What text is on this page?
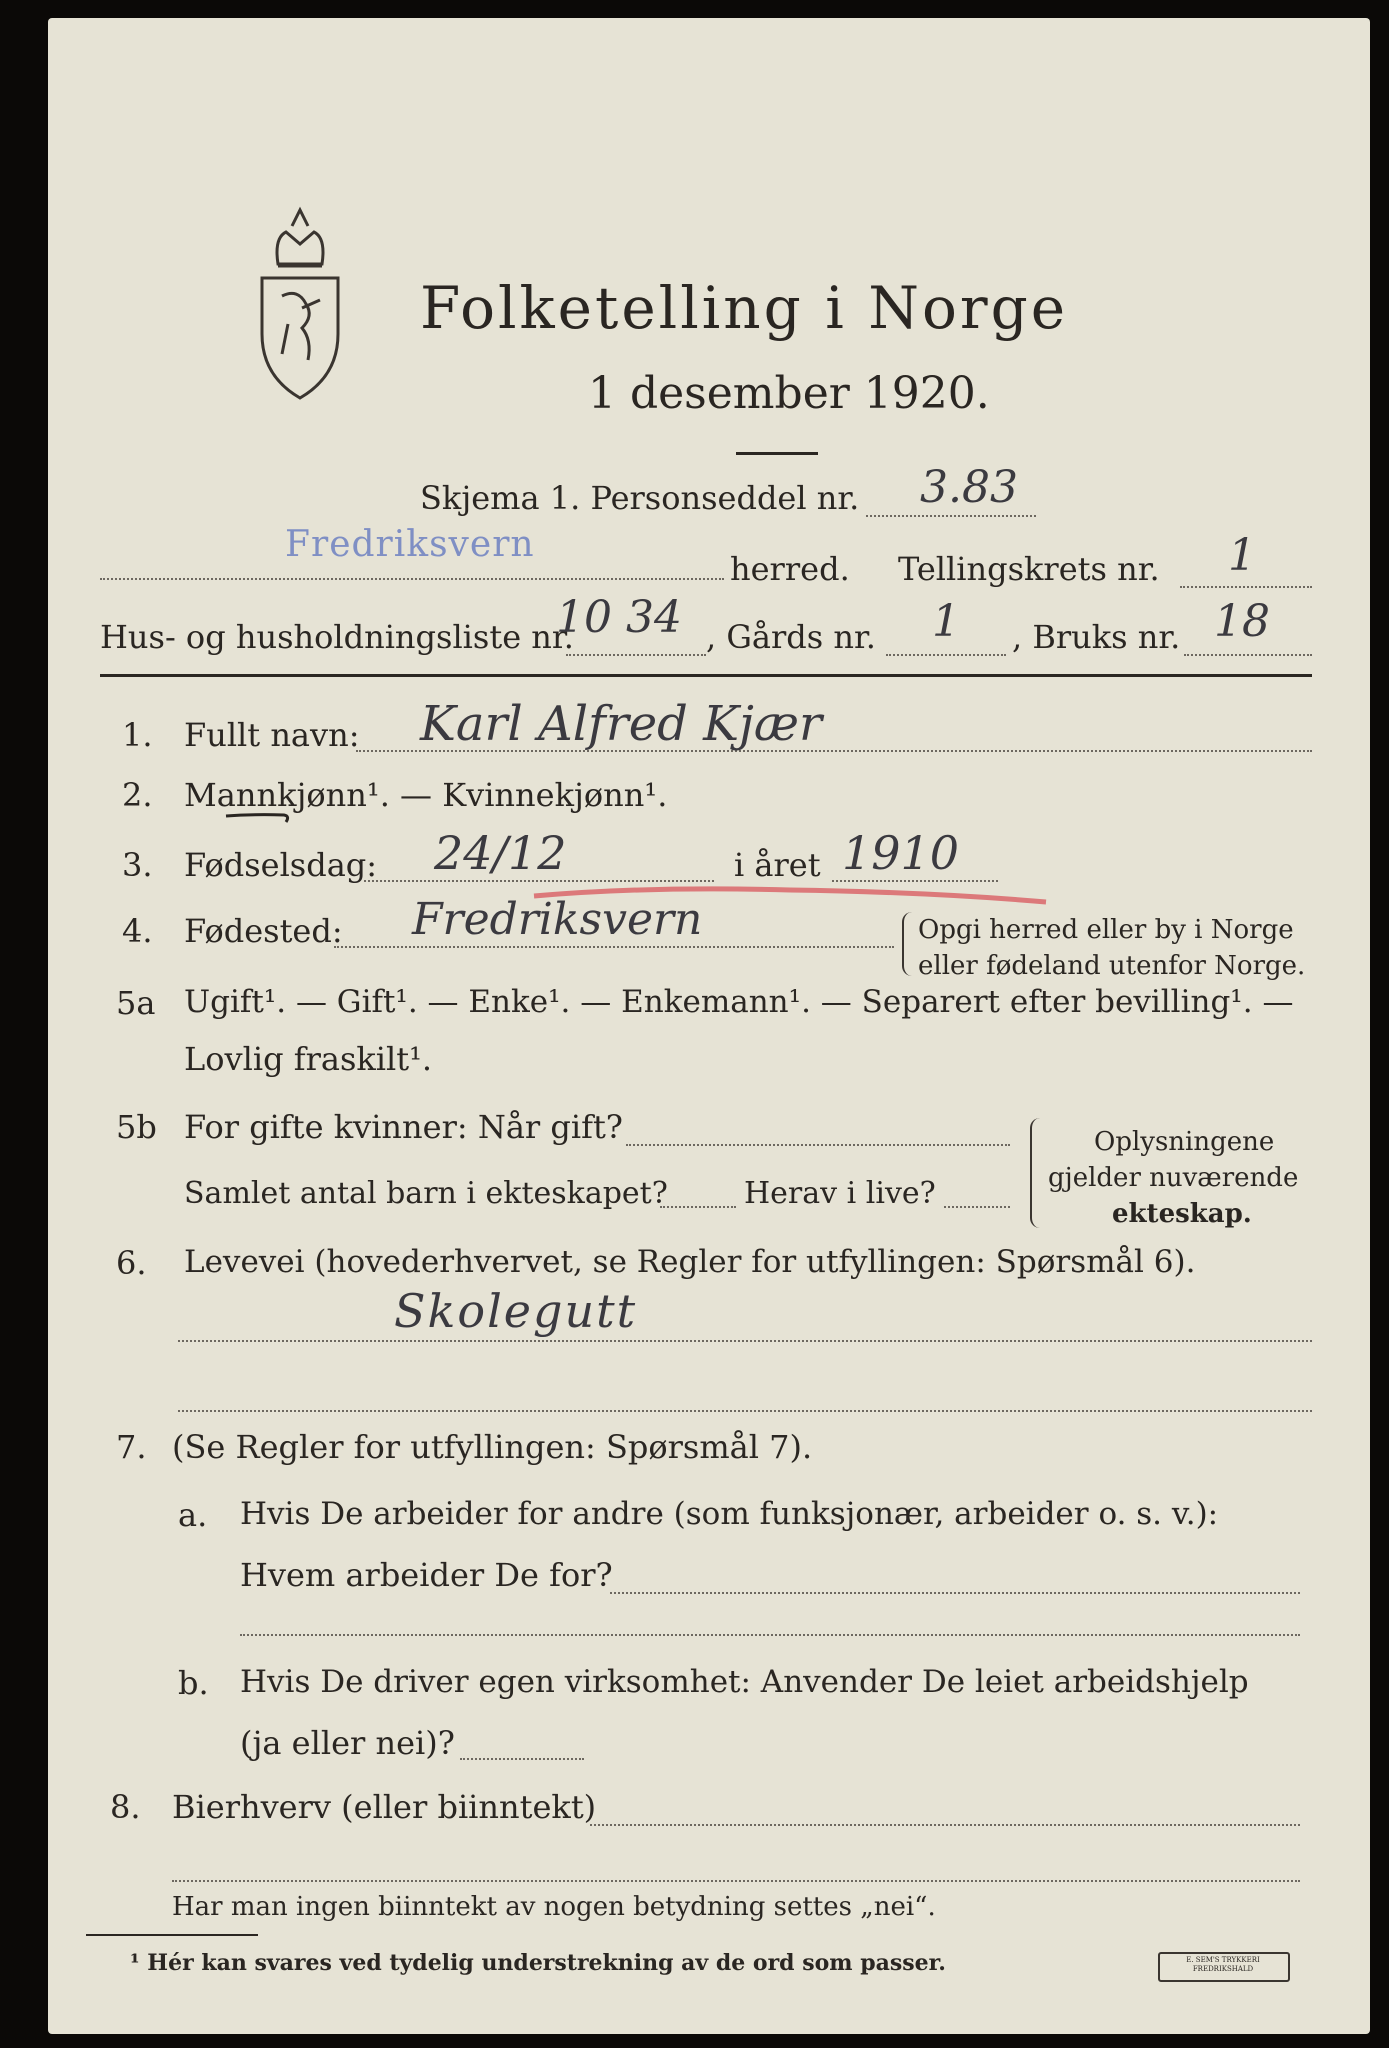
Folketelling i Norge
1 desember 1920.
Skjema 1. Personseddel nr. 3.83
Fredriksvern
herred. Tellingskrets nr. 1
Hus- og husholdningsliste nr.
10 34 , Gårds nr. 1 , Bruks nr. 18
1. Fullt navn: Karl Alfred Kjær
2. Mannkjønn¹. — Kvinnekjønn¹.
3. Fødselsdag: 24/12	i året 1910
4. Fødested: Fredriksvern	Opgi herred eller by i Norge
eller fødeland utenfor Norge.
5a Ugift¹. — Gift¹. — Enke¹. — Enkemann¹. — Separert efter bevilling¹. —
Lovlig fraskilt¹.
5b For gifte kvinner: Når gift?
Samlet antal barn i ekteskapet?	Herav i live?
Oplysningene
gjelder nuværende
ekteskap.
6. Levevei (hovederhvervet, se Regler for utfyllingen: Spørsmål 6).
Skolegutt
7. (Se Regler for utfyllingen: Spørsmål 7).
a. Hvis De arbeider for andre (som funksjonær, arbeider o. s. v.):
Hvem arbeider De for?
b. Hvis De driver egen virksomhet: Anvender De leiet arbeidshjelp
(ja eller nei)?
8. Bierhverv (eller biinntekt)
Har man ingen biinntekt av nogen betydning settes „nei“.
¹ Hér kan svares ved tydelig understrekning av de ord som passer.	E. SEM'S TRYKKERI FREDRIKSHALD
